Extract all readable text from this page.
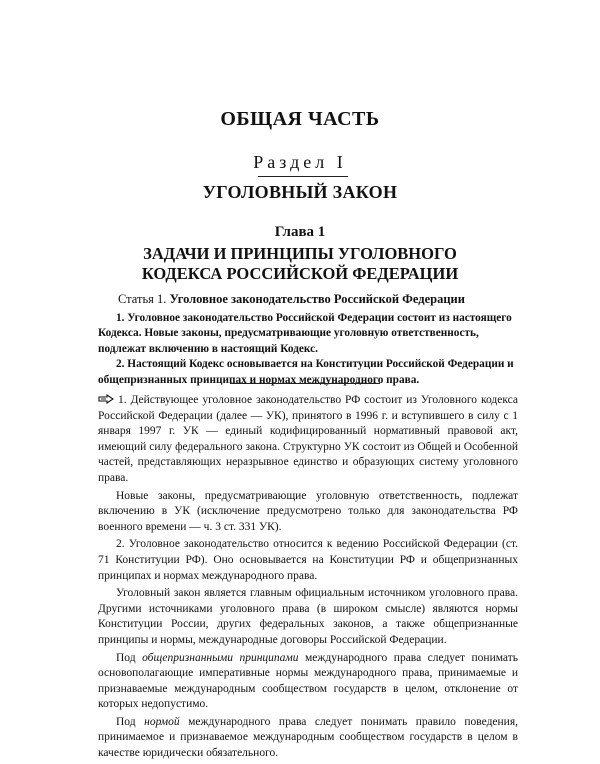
ОБЩАЯ ЧАСТЬ
Раздел I
УГОЛОВНЫЙ ЗАКОН
Глава 1
ЗАДАЧИ И ПРИНЦИПЫ УГОЛОВНОГО
КОДЕКСА РОССИЙСКОЙ ФЕДЕРАЦИИ
Статья 1. Уголовное законодательство Российской Федерации

1. Уголовное законодательство Российской Федерации состоит из настоящего Кодекса. Новые законы, предусматривающие уголовную ответственность, подлежат включению в настоящий Кодекс.

2. Настоящий Кодекс основывается на Конституции Российской Федерации и общепризнанных принципах и нормах международного права.

1. Действующее уголовное законодательство РФ состоит из Уголовного кодекса Российской Федерации (далее — УК), принятого в 1996 г. и вступившего в силу с 1 января 1997 г. УК — единый кодифицированный нормативный правовой акт, имеющий силу федерального закона. Структурно УК состоит из Общей и Особенной частей, представляющих неразрывное единство и образующих систему уголовного права.

Новые законы, предусматривающие уголовную ответственность, подлежат включению в УК (исключение предусмотрено только для законодательства РФ военного времени — ч. 3 ст. 331 УК).

2. Уголовное законодательство относится к ведению Российской Федерации (ст. 71 Конституции РФ). Оно основывается на Конституции РФ и общепризнанных принципах и нормах международного права.

Уголовный закон является главным официальным источником уголовного права. Другими источниками уголовного права (в широком смысле) являются нормы Конституции России, других федеральных законов, а также общепризнанные принципы и нормы, международные договоры Российской Федерации.

Под общепризнанными принципами международного права следует понимать основополагающие императивные нормы международного права, принимаемые и признаваемые международным сообществом государств в целом, отклонение от которых недопустимо.

Под нормой международного права следует понимать правило поведения, принимаемое и признаваемое международным сообществом государств в целом в качестве юридически обязательного.
